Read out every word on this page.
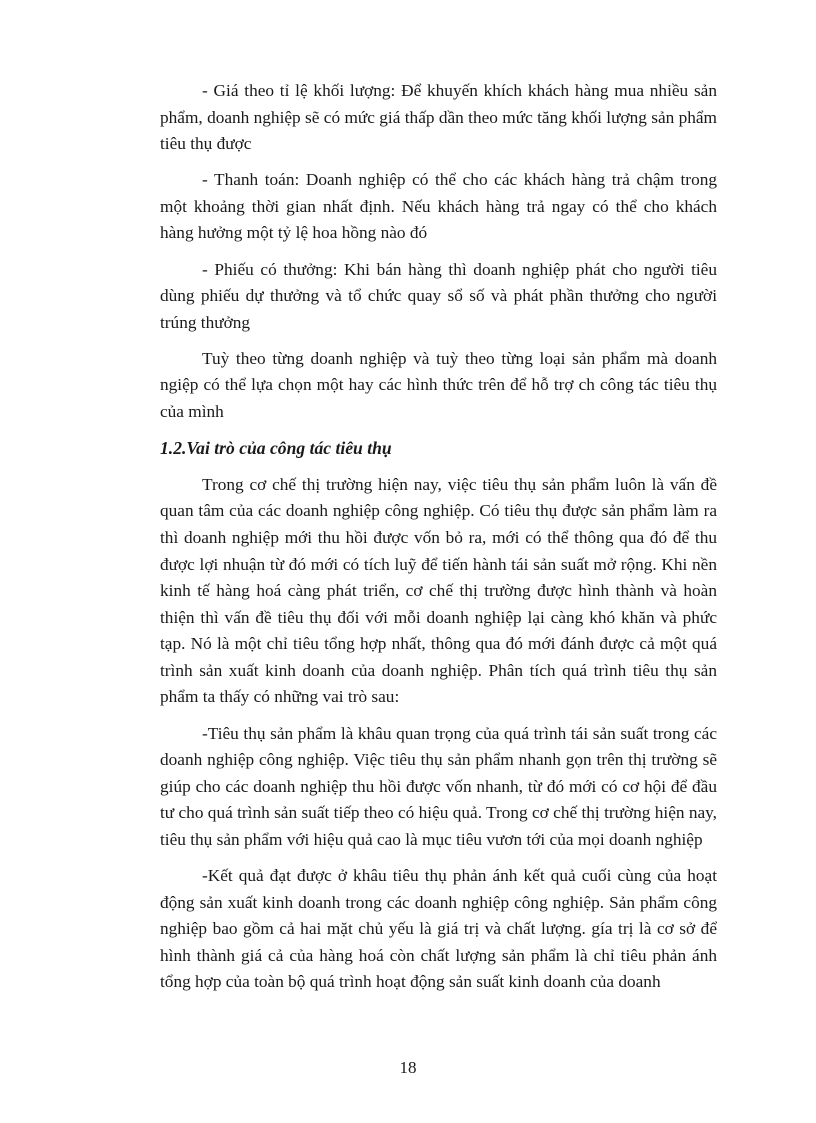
- Giá theo tỉ lệ khối lượng: Để khuyến khích khách hàng mua nhiều sản phẩm, doanh nghiệp sẽ có mức giá thấp dần theo mức tăng khối lượng sản phẩm tiêu thụ được

- Thanh toán: Doanh nghiệp có thể cho các khách hàng trả chậm trong một khoảng thời gian nhất định. Nếu khách hàng trả ngay có thể cho khách hàng hưởng một tỷ lệ hoa hồng nào đó

- Phiếu có thưởng: Khi bán hàng thì doanh nghiệp phát cho người tiêu dùng phiếu dự thưởng và tổ chức quay sổ số và phát phần thưởng cho người trúng thưởng

Tuỳ theo từng doanh nghiệp và tuỳ theo từng loại sản phẩm mà doanh ngiệp có thể lựa chọn một hay các hình thức trên để hỗ trợ ch công tác tiêu thụ của mình

1.2.Vai trò của công tác tiêu thụ

Trong cơ chế thị trường hiện nay, việc tiêu thụ sản phẩm luôn là vấn đề quan tâm của các doanh nghiệp công nghiệp. Có tiêu thụ được sản phẩm làm ra thì doanh nghiệp mới thu hồi được vốn bỏ ra, mới có thể thông qua đó để thu được lợi nhuận từ đó mới có tích luỹ để tiến hành tái sản suất mở rộng. Khi nền kinh tế hàng hoá càng phát triển, cơ chế thị trường được hình thành và hoàn thiện thì vấn đề tiêu thụ đối với mỗi doanh nghiệp lại càng khó khăn và phức tạp. Nó là một chỉ tiêu tổng hợp nhất, thông qua đó mới đánh được cả một quá trình sản xuất kinh doanh của doanh nghiệp. Phân tích quá trình tiêu thụ sản phẩm ta thấy có những vai trò sau:

-Tiêu thụ sản phẩm là khâu quan trọng của quá trình tái sản suất trong các doanh nghiệp công nghiệp. Việc tiêu thụ sản phẩm nhanh gọn trên thị trường sẽ giúp cho các doanh nghiệp thu hồi được vốn nhanh, từ đó mới có cơ hội để đầu tư cho quá trình sản suất tiếp theo có hiệu quả. Trong cơ chế thị trường hiện nay, tiêu thụ sản phẩm với hiệu quả cao là mục tiêu vươn tới của mọi doanh nghiệp

-Kết quả đạt được ở khâu tiêu thụ phản ánh kết quả cuối cùng của hoạt động sản xuất kinh doanh trong các doanh nghiệp công nghiệp. Sản phẩm công nghiệp bao gồm cả hai mặt chủ yếu là giá trị và chất lượng. gía trị là cơ sở để hình thành giá cả của hàng hoá còn chất lượng sản phẩm là chỉ tiêu phản ánh tổng hợp của toàn bộ quá trình hoạt động sản suất kinh doanh của doanh

18
